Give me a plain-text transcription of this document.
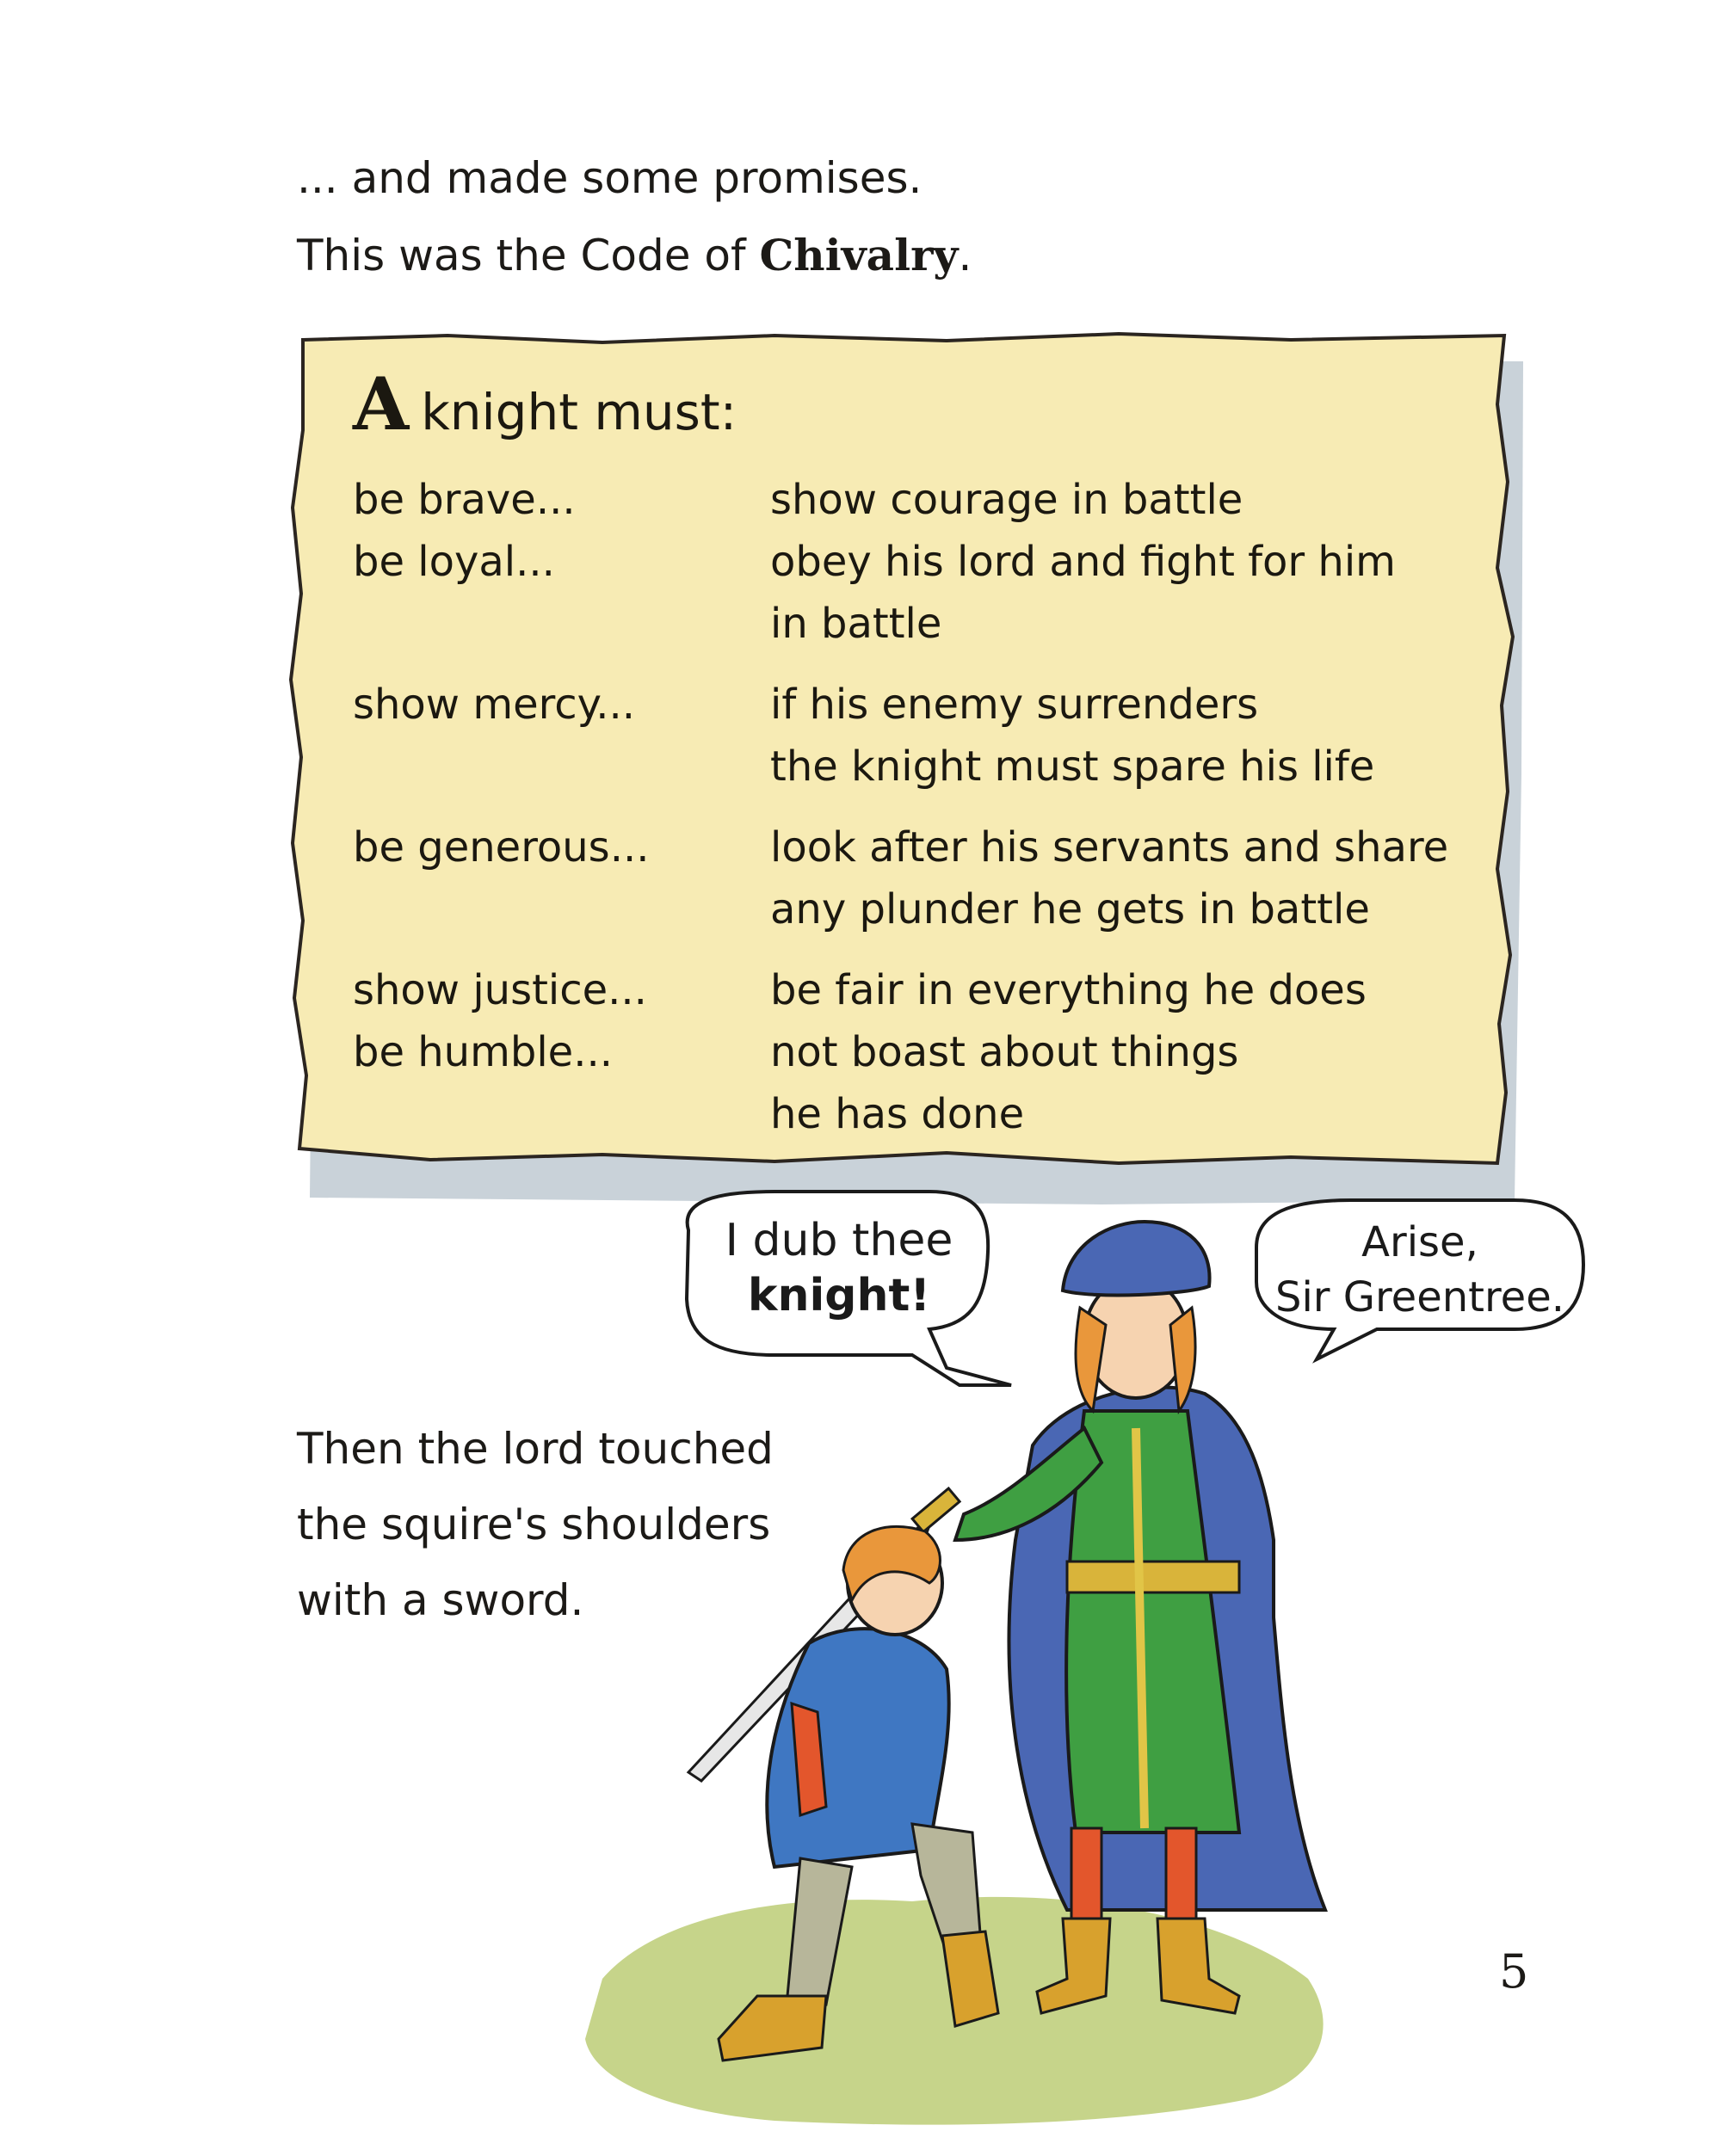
... and made some promises.
This was the Code of Chivalry.
A knight must:
be brave...	show courage in battle
be loyal...	obey his lord and fight for him
in battle
show mercy...	if his enemy surrenders
the knight must spare his life
be generous...	look after his servants and share
any plunder he gets in battle
show justice...	be fair in everything he does
be humble...	not boast about things
he has done
I dub thee
knight!
Arise,
Sir Greentree.
Then the lord touched
the squire's shoulders
with a sword.
5
